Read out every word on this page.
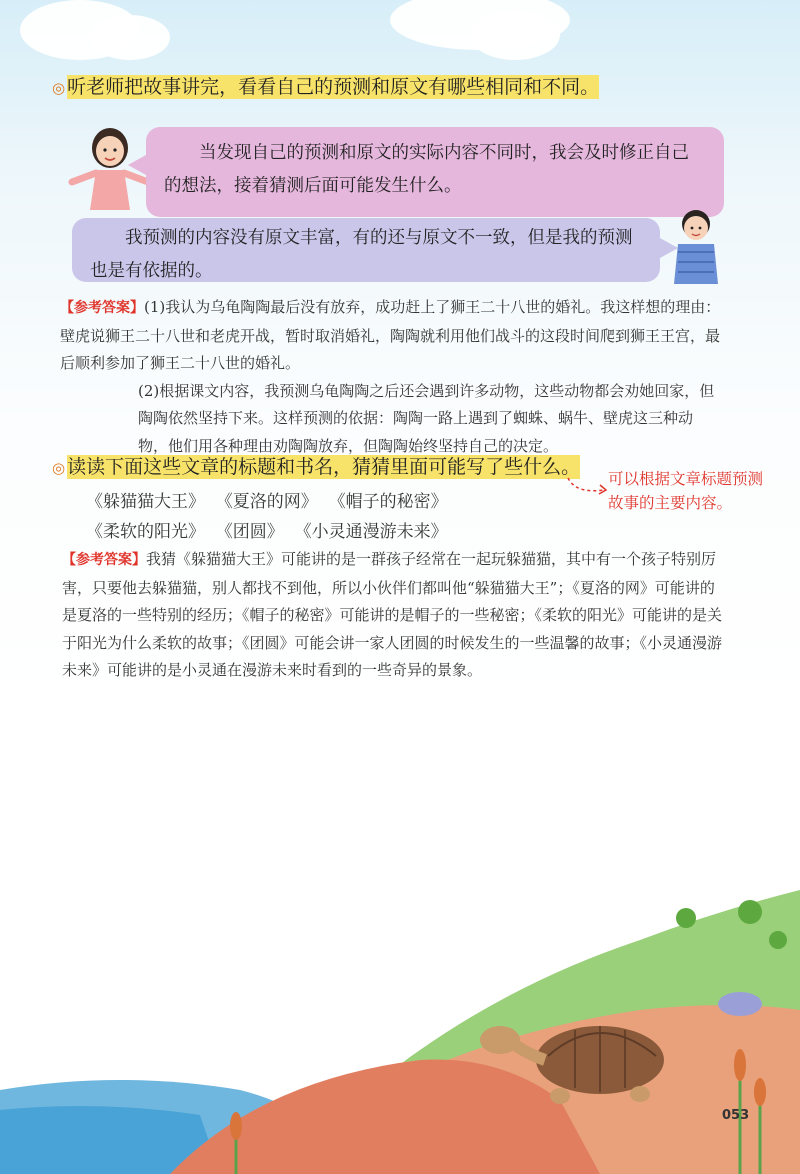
◎ 听老师把故事讲完，看看自己的预测和原文有哪些相同和不同。
当发现自己的预测和原文的实际内容不同时，我会及时修正自己的想法，接着猜测后面可能发生什么。
我预测的内容没有原文丰富，有的还与原文不一致，但是我的预测也是有依据的。

【参考答案】(1)我认为乌龟陶陶最后没有放弃，成功赶上了狮王二十八世的婚礼。我这样想的理由：壁虎说狮王二十八世和老虎开战，暂时取消婚礼，陶陶就利用他们战斗的这段时间爬到狮王王宫，最后顺利参加了狮王二十八世的婚礼。

(2)根据课文内容，我预测乌龟陶陶之后还会遇到许多动物，这些动物都会劝她回家，但陶陶依然坚持下来。这样预测的依据：陶陶一路上遇到了蜘蛛、蜗牛、壁虎这三种动物，他们用各种理由劝陶陶放弃，但陶陶始终坚持自己的决定。

◎ 读读下面这些文章的标题和书名，猜猜里面可能写了些什么。
可以根据文章标题预测故事的主要内容。
《躲猫猫大王》  《夏洛的网》  《帽子的秘密》
《柔软的阳光》  《团圆》  《小灵通漫游未来》

【参考答案】我猜《躲猫猫大王》可能讲的是一群孩子经常在一起玩躲猫猫，其中有一个孩子特别厉害，只要他去躲猫猫，别人都找不到他，所以小伙伴们都叫他“躲猫猫大王”；《夏洛的网》可能讲的是夏洛的一些特别的经历；《帽子的秘密》可能讲的是帽子的一些秘密；《柔软的阳光》可能讲的是关于阳光为什么柔软的故事；《团圆》可能会讲一家人团圆的时候发生的一些温馨的故事；《小灵通漫游未来》可能讲的是小灵通在漫游未来时看到的一些奇异的景象。

053
